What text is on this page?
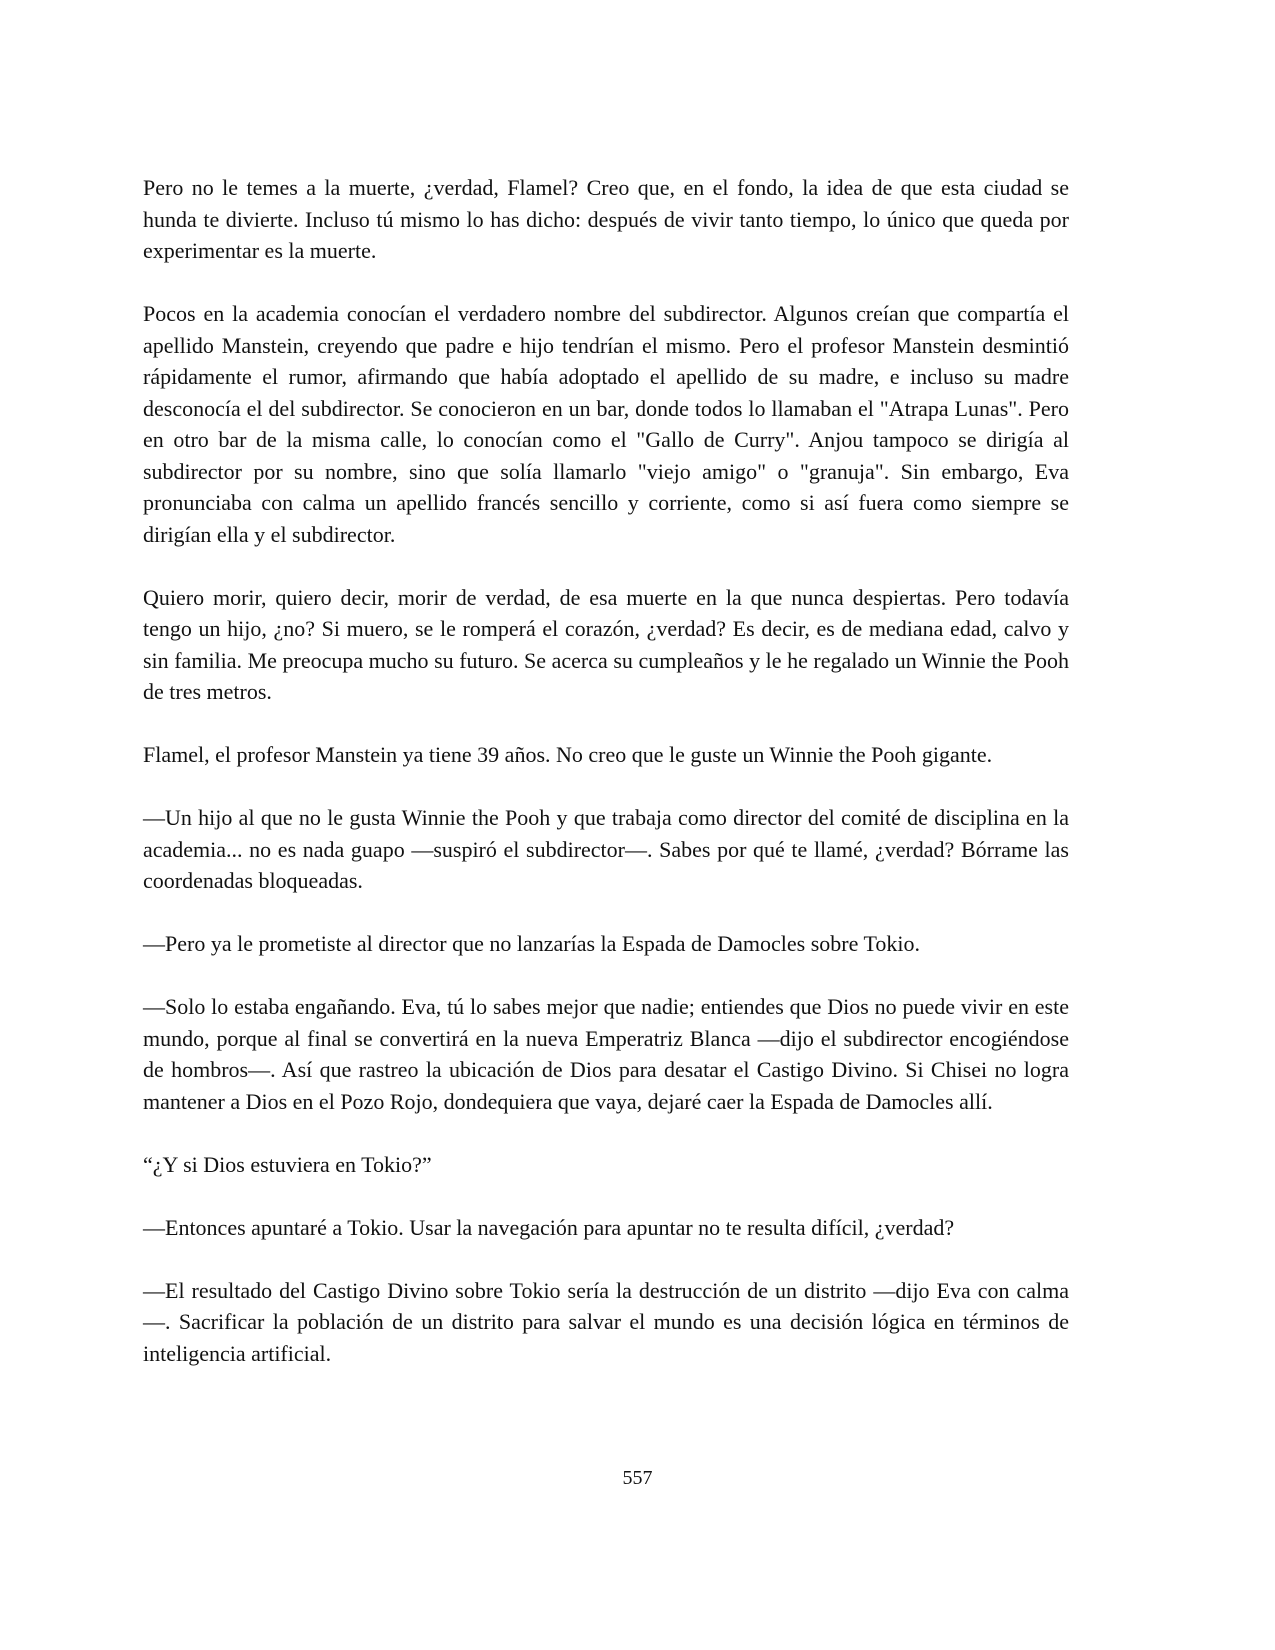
Pero no le temes a la muerte, ¿verdad, Flamel? Creo que, en el fondo, la idea de que esta ciudad se hunda te divierte. Incluso tú mismo lo has dicho: después de vivir tanto tiempo, lo único que queda por experimentar es la muerte.

Pocos en la academia conocían el verdadero nombre del subdirector. Algunos creían que compartía el apellido Manstein, creyendo que padre e hijo tendrían el mismo. Pero el profesor Manstein desmintió rápidamente el rumor, afirmando que había adoptado el apellido de su madre, e incluso su madre desconocía el del subdirector. Se conocieron en un bar, donde todos lo llamaban el "Atrapa Lunas". Pero en otro bar de la misma calle, lo conocían como el "Gallo de Curry". Anjou tampoco se dirigía al subdirector por su nombre, sino que solía llamarlo "viejo amigo" o "granuja". Sin embargo, Eva pronunciaba con calma un apellido francés sencillo y corriente, como si así fuera como siempre se dirigían ella y el subdirector.

Quiero morir, quiero decir, morir de verdad, de esa muerte en la que nunca despiertas. Pero todavía tengo un hijo, ¿no? Si muero, se le romperá el corazón, ¿verdad? Es decir, es de mediana edad, calvo y sin familia. Me preocupa mucho su futuro. Se acerca su cumpleaños y le he regalado un Winnie the Pooh de tres metros.

Flamel, el profesor Manstein ya tiene 39 años. No creo que le guste un Winnie the Pooh gigante.

—Un hijo al que no le gusta Winnie the Pooh y que trabaja como director del comité de disciplina en la academia... no es nada guapo —suspiró el subdirector—. Sabes por qué te llamé, ¿verdad? Bórrame las coordenadas bloqueadas.

—Pero ya le prometiste al director que no lanzarías la Espada de Damocles sobre Tokio.

—Solo lo estaba engañando. Eva, tú lo sabes mejor que nadie; entiendes que Dios no puede vivir en este mundo, porque al final se convertirá en la nueva Emperatriz Blanca —dijo el subdirector encogiéndose de hombros—. Así que rastreo la ubicación de Dios para desatar el Castigo Divino. Si Chisei no logra mantener a Dios en el Pozo Rojo, dondequiera que vaya, dejaré caer la Espada de Damocles allí.

“¿Y si Dios estuviera en Tokio?”

—Entonces apuntaré a Tokio. Usar la navegación para apuntar no te resulta difícil, ¿verdad?

—El resultado del Castigo Divino sobre Tokio sería la destrucción de un distrito —dijo Eva con calma—. Sacrificar la población de un distrito para salvar el mundo es una decisión lógica en términos de inteligencia artificial.

557
